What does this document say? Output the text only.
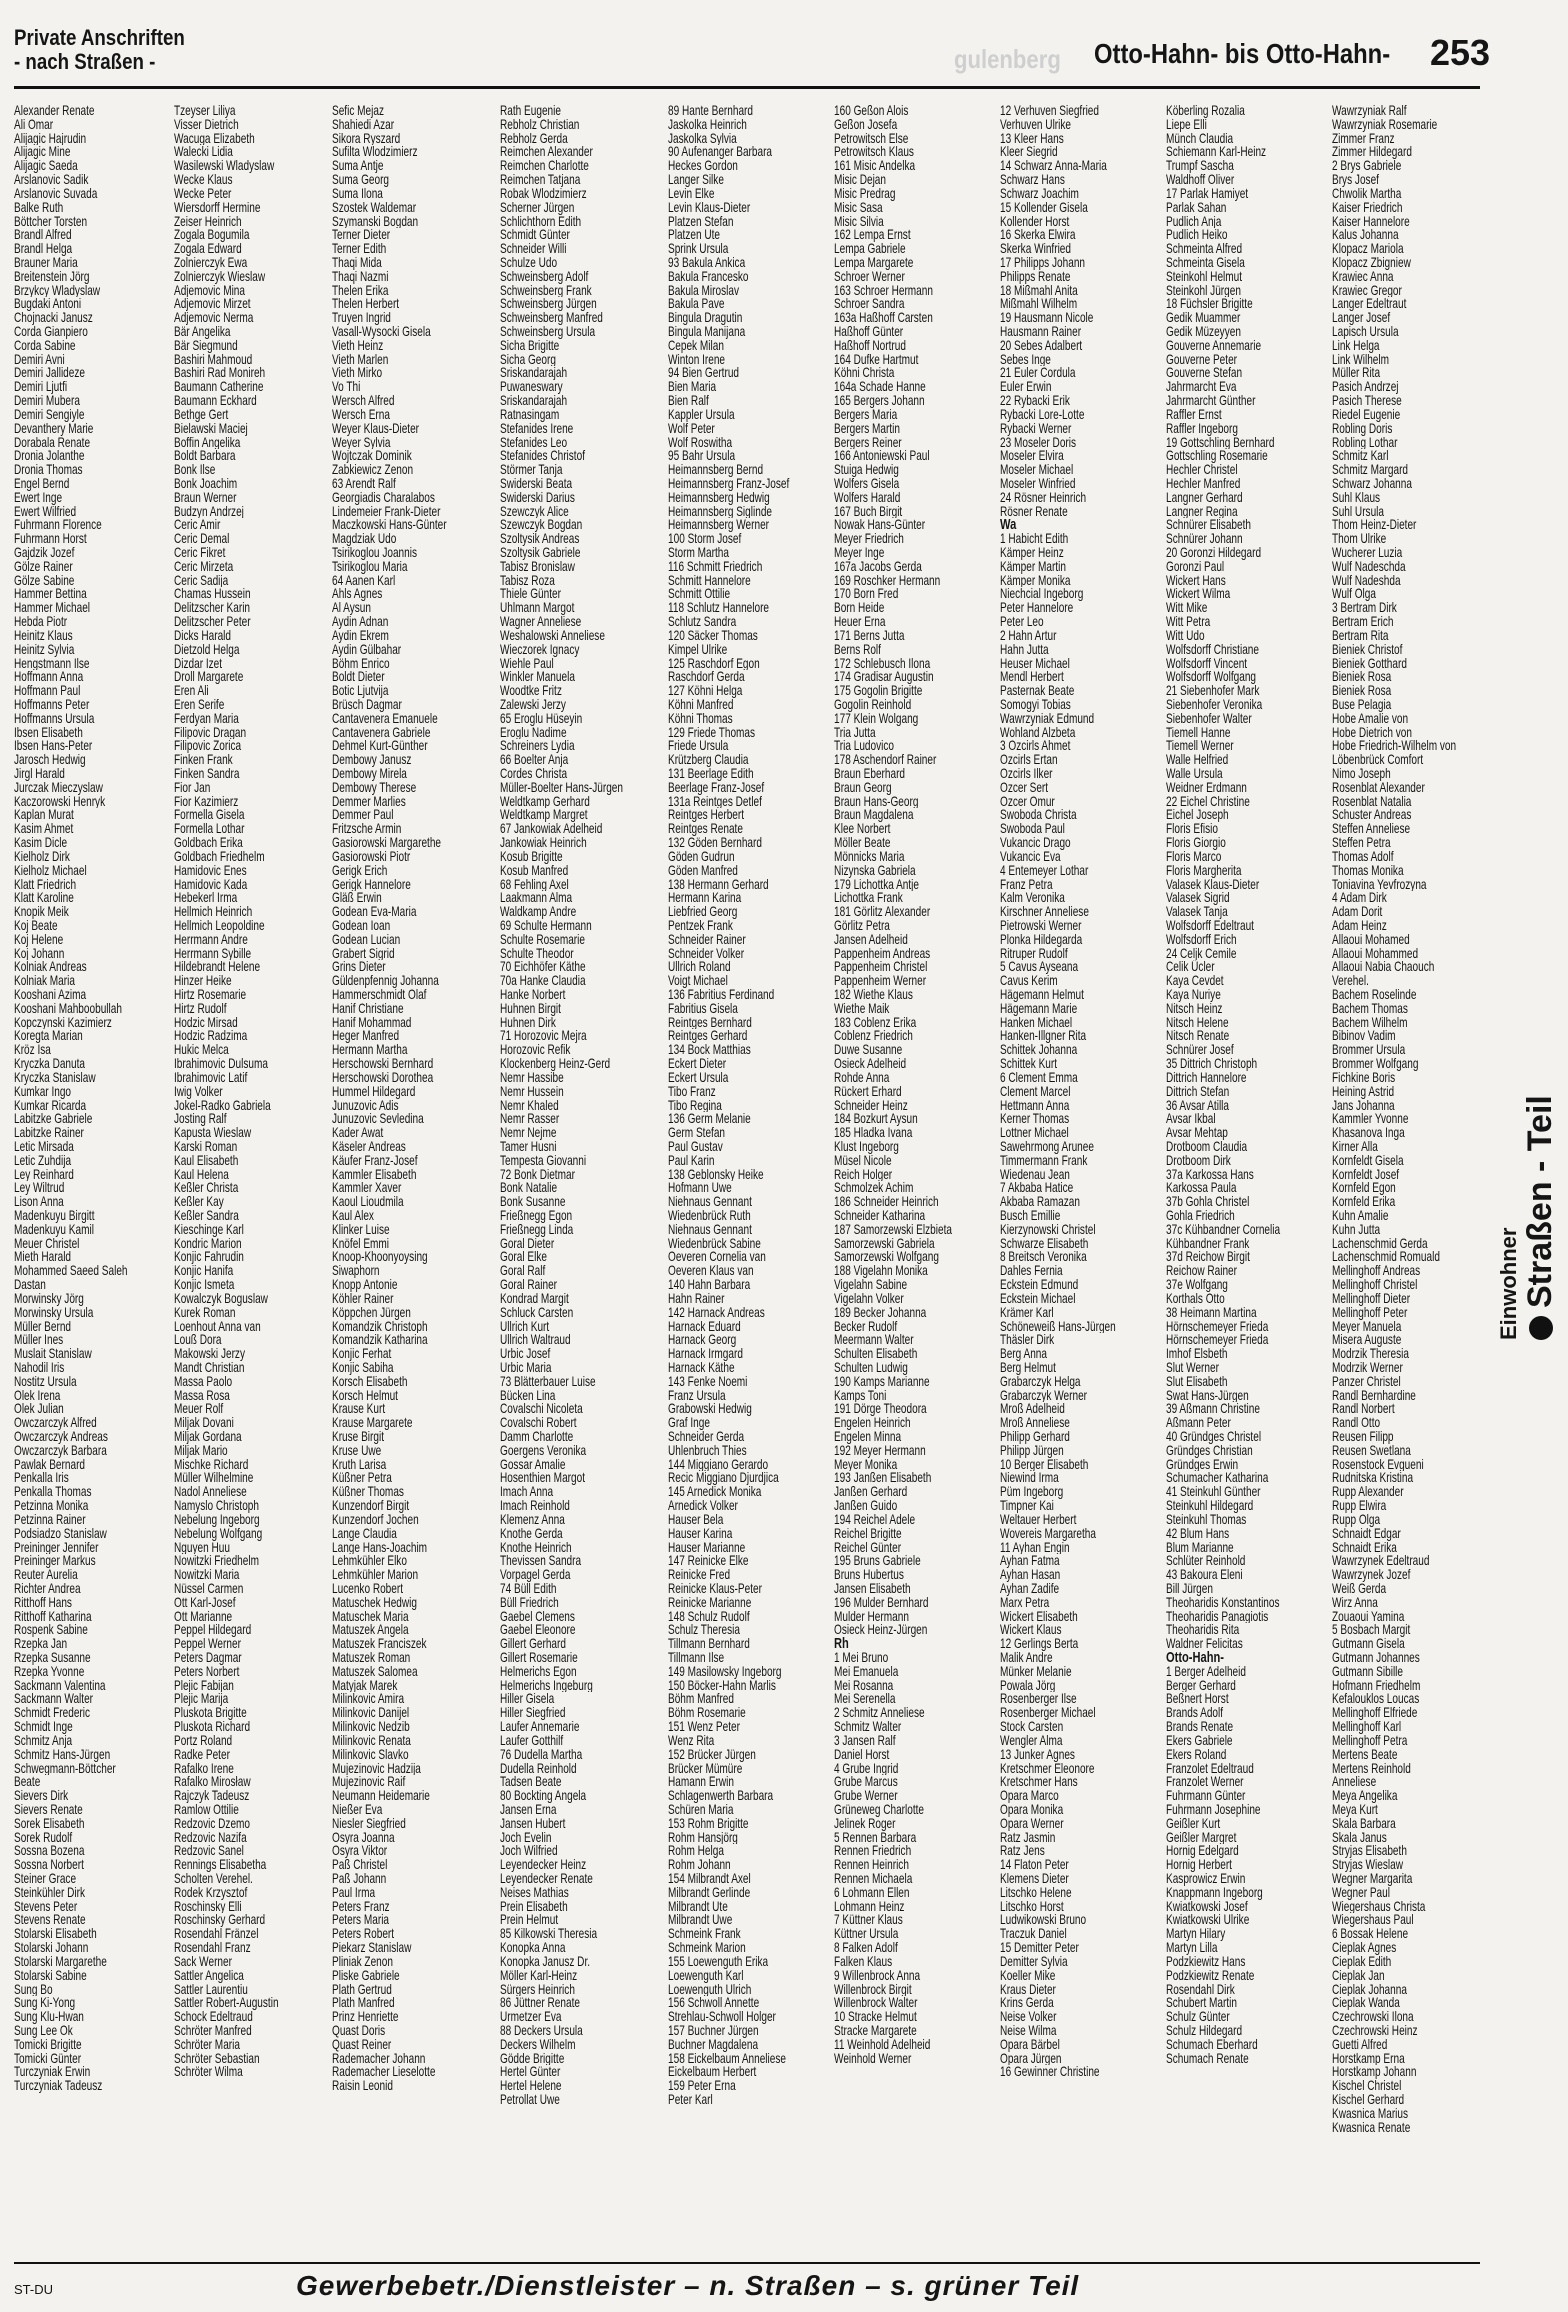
Private Anschriften
- nach Straßen -	gulenberg Otto-Hahn- bis Otto-Hahn- 253
Einwohner Straßen - Teil
Alexander Renate
Ali Omar
Alijagic Hajrudin
Alijagic Mine
Alijagic Saeda
Arslanovic Sadik
Arslanovic Suvada
Balke Ruth
Böttcher Torsten
Brandl Alfred
Brandl Helga
Brauner Maria
Breitenstein Jörg
Brzykcy Wladyslaw
Bugdaki Antoni
Chojnacki Janusz
Corda Gianpiero
Corda Sabine
Demiri Avni
Demiri Jallideze
Demiri Ljutfi
Demiri Mubera
Demiri Sengiyle
Devanthery Marie
Dorabala Renate
Dronia Jolanthe
Dronia Thomas
Engel Bernd
Ewert Inge
Ewert Wilfried
Fuhrmann Florence
Fuhrmann Horst
Gajdzik Jozef
Gölze Rainer
Gölze Sabine
Hammer Bettina
Hammer Michael
Hebda Piotr
Heinitz Klaus
Heinitz Sylvia
Hengstmann Ilse
Hoffmann Anna
Hoffmann Paul
Hoffmanns Peter
Hoffmanns Ursula
Ibsen Elisabeth
Ibsen Hans-Peter
Jarosch Hedwig
Jirgl Harald
Jurczak Mieczyslaw
Kaczorowski Henryk
Kaplan Murat
Kasim Ahmet
Kasim Dicle
Kielholz Dirk
Kielholz Michael
Klatt Friedrich
Klatt Karoline
Knopik Meik
Koj Beate
Koj Helene
Koj Johann
Kolniak Andreas
Kolniak Maria
Kooshani Azima
Kooshani Mahboobullah
Kopczynski Kazimierz
Koregta Marian
Kröz Isa
Kryczka Danuta
Kryczka Stanislaw
Kumkar Ingo
Kumkar Ricarda
Labitzke Gabriele
Labitzke Rainer
Letic Mirsada
Letic Zuhdija
Ley Reinhard
Ley Wiltrud
Lison Anna
Madenkuyu Birgitt
Madenkuyu Kamil
Meuer Christel
Mieth Harald
Mohammed Saeed Saleh
Dastan
Morwinsky Jörg
Morwinsky Ursula
Müller Bernd
Müller Ines
Muslait Stanislaw
Nahodil Iris
Nostitz Ursula
Olek Irena
Olek Julian
Owczarczyk Alfred
Owczarczyk Andreas
Owczarczyk Barbara
Pawlak Bernard
Penkalla Iris
Penkalla Thomas
Petzinna Monika
Petzinna Rainer
Podsiadzo Stanislaw
Preininger Jennifer
Preininger Markus
Reuter Aurelia
Richter Andrea
Ritthoff Hans
Ritthoff Katharina
Rospenk Sabine
Rzepka Jan
Rzepka Susanne
Rzepka Yvonne
Sackmann Valentina
Sackmann Walter
Schmidt Frederic
Schmidt Inge
Schmitz Anja
Schmitz Hans-Jürgen
Schwegmann-Böttcher
Beate
Sievers Dirk
Sievers Renate
Sorek Elisabeth
Sorek Rudolf
Sossna Bozena
Sossna Norbert
Steiner Grace
Steinkühler Dirk
Stevens Peter
Stevens Renate
Stolarski Elisabeth
Stolarski Johann
Stolarski Margarethe
Stolarski Sabine
Sung Bo
Sung Ki-Yong
Sung Klu-Hwan
Sung Lee Ok
Tomicki Brigitte
Tomicki Günter
Turczyniak Erwin
Turczyniak Tadeusz
Tzeyser Liliya
Visser Dietrich
Wacuga Elizabeth
Walecki Lidia
Wasilewski Wladyslaw
Wecke Klaus
Wecke Peter
Wiersdorff Hermine
Zeiser Heinrich
Zogala Bogumila
Zogala Edward
Zolnierczyk Ewa
Zolnierczyk Wieslaw
Adjemovic Mina
Adjemovic Mirzet
Adjemovic Nerma
Bär Angelika
Bär Siegmund
Bashiri Mahmoud
Bashiri Rad Monireh
Baumann Catherine
Baumann Eckhard
Bethge Gert
Bielawski Maciej
Boffin Angelika
Boldt Barbara
Bonk Ilse
Bonk Joachim
Braun Werner
Budzyn Andrzej
Ceric Amir
Ceric Demal
Ceric Fikret
Ceric Mirzeta
Ceric Sadija
Chamas Hussein
Delitzscher Karin
Delitzscher Peter
Dicks Harald
Dietzold Helga
Dizdar Izet
Droll Margarete
Eren Ali
Eren Serife
Ferdyan Maria
Filipovic Dragan
Filipovic Zorica
Finken Frank
Finken Sandra
Fior Jan
Fior Kazimierz
Formella Gisela
Formella Lothar
Goldbach Erika
Goldbach Friedhelm
Hamidovic Enes
Hamidovic Kada
Hebekerl Irma
Hellmich Heinrich
Hellmich Leopoldine
Herrmann Andre
Herrmann Sybille
Hildebrandt Helene
Hinzer Heike
Hirtz Rosemarie
Hirtz Rudolf
Hodzic Mirsad
Hodzic Radzima
Hukic Melca
Ibrahimovic Dulsuma
Ibrahimovic Latif
Iwig Volker
Jokel-Radko Gabriela
Josting Ralf
Kapusta Wieslaw
Karski Roman
Kaul Elisabeth
Kaul Helena
Keßler Christa
Keßler Kay
Keßler Sandra
Kieschinge Karl
Kondric Marion
Konjic Fahrudin
Konjic Hanifa
Konjic Ismeta
Kowalczyk Boguslaw
Kurek Roman
Loenhout Anna van
Louß Dora
Makowski Jerzy
Mandt Christian
Massa Paolo
Massa Rosa
Meuer Rolf
Miljak Dovani
Miljak Gordana
Miljak Mario
Mischke Richard
Müller Wilhelmine
Nadol Anneliese
Namyslo Christoph
Nebelung Ingeborg
Nebelung Wolfgang
Nguyen Huu
Nowitzki Friedhelm
Nowitzki Maria
Nüssel Carmen
Ott Karl-Josef
Ott Marianne
Peppel Hildegard
Peppel Werner
Peters Dagmar
Peters Norbert
Plejic Fabijan
Plejic Marija
Pluskota Brigitte
Pluskota Richard
Portz Roland
Radke Peter
Rafalko Irene
Rafalko Mirosław
Rajczyk Tadeusz
Ramlow Ottilie
Redzovic Dzemo
Redzovic Nazifa
Redzovic Sanel
Rennings Elisabetha
Scholten Verehel.
Rodek Krzysztof
Roschinsky Elli
Roschinsky Gerhard
Rosendahl Fränzel
Rosendahl Franz
Sack Werner
Sattler Angelica
Sattler Laurentiu
Sattler Robert-Augustin
Schock Edeltraud
Schröter Manfred
Schröter Maria
Schröter Sebastian
Schröter Wilma
Sefic Mejaz
Shahiedi Azar
Sikora Ryszard
Sufilta Wlodzimierz
Suma Antje
Suma Georg
Suma Ilona
Szostek Waldemar
Szymanski Bogdan
Terner Dieter
Terner Edith
Thaqi Mida
Thaqi Nazmi
Thelen Erika
Thelen Herbert
Truyen Ingrid
Vasall-Wysocki Gisela
Vieth Heinz
Vieth Marlen
Vieth Mirko
Vo Thi
Wersch Alfred
Wersch Erna
Weyer Klaus-Dieter
Weyer Sylvia
Wojtczak Dominik
Zabkiewicz Zenon
63 Arendt Ralf
Georgiadis Charalabos
Lindemeier Frank-Dieter
Maczkowski Hans-Günter
Magdziak Udo
Tsirikoglou Joannis
Tsirikoglou Maria
64 Aanen Karl
Ahls Agnes
Al Aysun
Aydin Adnan
Aydin Ekrem
Aydin Gülbahar
Böhm Enrico
Boldt Dieter
Botic Ljutvija
Brüsch Dagmar
Cantavenera Emanuele
Cantavenera Gabriele
Dehmel Kurt-Günther
Dembowy Janusz
Dembowy Mirela
Dembowy Therese
Demmer Marlies
Demmer Paul
Fritzsche Armin
Gasiorowski Margarethe
Gasiorowski Piotr
Gerigk Erich
Gerigk Hannelore
Gläß Erwin
Godean Eva-Maria
Godean Ioan
Godean Lucian
Grabert Sigrid
Grins Dieter
Güldenpfennig Johanna
Hammerschmidt Olaf
Hanif Christiane
Hanif Mohammad
Heger Manfred
Hermann Martha
Herschowski Bernhard
Herschowski Dorothea
Hummel Hildegard
Junuzovic Adis
Junuzovic Sevledina
Kader Awat
Käseler Andreas
Käufer Franz-Josef
Kammler Elisabeth
Kammler Xaver
Kaoul Lioudmila
Kaul Alex
Klinker Luise
Knöfel Emmi
Knoop-Khoonyoysing
Siwaphorn
Knopp Antonie
Köhler Rainer
Köppchen Jürgen
Komandzik Christoph
Komandzik Katharina
Konjic Ferhat
Konjic Sabiha
Korsch Elisabeth
Korsch Helmut
Krause Kurt
Krause Margarete
Kruse Birgit
Kruse Uwe
Kruth Larisa
Küßner Petra
Küßner Thomas
Kunzendorf Birgit
Kunzendorf Jochen
Lange Claudia
Lange Hans-Joachim
Lehmkühler Elko
Lehmkühler Marion
Lucenko Robert
Matuschek Hedwig
Matuschek Maria
Matuszek Angela
Matuszek Franciszek
Matuszek Roman
Matuszek Salomea
Matyjak Marek
Milinkovic Amira
Milinkovic Danijel
Milinkovic Nedzib
Milinkovic Renata
Milinkovic Slavko
Mujezinovic Hadzija
Mujezinovic Raif
Neumann Heidemarie
Nießer Eva
Niesler Siegfried
Osyra Joanna
Osyra Viktor
Paß Christel
Paß Johann
Paul Irma
Peters Franz
Peters Maria
Peters Robert
Piekarz Stanislaw
Pliniak Zenon
Pliske Gabriele
Plath Gertrud
Plath Manfred
Prinz Henriette
Quast Doris
Quast Reiner
Rademacher Johann
Rademacher Lieselotte
Raisin Leonid
Rath Eugenie
Rebholz Christian
Rebholz Gerda
Reimchen Alexander
Reimchen Charlotte
Reimchen Tatjana
Robak Wlodzimierz
Scherner Jürgen
Schlichthorn Edith
Schmidt Günter
Schneider Willi
Schulze Udo
Schweinsberg Adolf
Schweinsberg Frank
Schweinsberg Jürgen
Schweinsberg Manfred
Schweinsberg Ursula
Sicha Brigitte
Sicha Georg
Sriskandarajah
Puwaneswary
Sriskandarajah
Ratnasingam
Stefanides Irene
Stefanides Leo
Stefanides Christof
Störmer Tanja
Swiderski Beata
Swiderski Darius
Szewczyk Alice
Szewczyk Bogdan
Szoltysik Andreas
Szoltysik Gabriele
Tabisz Bronislaw
Tabisz Roza
Thiele Günter
Uhlmann Margot
Wagner Anneliese
Weshalowski Anneliese
Wieczorek Ignacy
Wiehle Paul
Winkler Manuela
Woodtke Fritz
Zalewski Jerzy
65 Eroglu Hüseyin
Eroglu Nadime
Schreiners Lydia
66 Boelter Anja
Cordes Christa
Müller-Boelter Hans-Jürgen
Weldtkamp Gerhard
Weldtkamp Margret
67 Jankowiak Adelheid
Jankowiak Heinrich
Kosub Brigitte
Kosub Manfred
68 Fehling Axel
Laakmann Alma
Waldkamp Andre
69 Schulte Hermann
Schulte Rosemarie
Schulte Theodor
70 Eichhöfer Käthe
70a Hanke Claudia
Hanke Norbert
Huhnen Birgit
Huhnen Dirk
71 Horozovic Mejra
Horozovic Refik
Klockenberg Heinz-Gerd
Nemr Hassibe
Nemr Hussein
Nemr Khaled
Nemr Rasser
Nemr Nejme
Tamer Husni
Tempesta Giovanni
72 Bonk Dietmar
Bonk Natalie
Bonk Susanne
Frießnegg Egon
Frießnegg Linda
Goral Dieter
Goral Elke
Goral Ralf
Goral Rainer
Kondrad Margit
Schluck Carsten
Ullrich Kurt
Ullrich Waltraud
Urbic Josef
Urbic Maria
73 Blätterbauer Luise
Bücken Lina
Covalschi Nicoleta
Covalschi Robert
Damm Charlotte
Goergens Veronika
Gossar Amalie
Hosenthien Margot
Imach Anna
Imach Reinhold
Klemenz Anna
Knothe Gerda
Knothe Heinrich
Thevissen Sandra
Vorpagel Gerda
74 Büll Edith
Büll Friedrich
Gaebel Clemens
Gaebel Eleonore
Gillert Gerhard
Gillert Rosemarie
Helmerichs Egon
Helmerichs Ingeburg
Hiller Gisela
Hiller Siegfried
Laufer Annemarie
Laufer Gotthilf
76 Dudella Martha
Dudella Reinhold
Tadsen Beate
80 Bockting Angela
Jansen Erna
Jansen Hubert
Joch Evelin
Joch Wilfried
Leyendecker Heinz
Leyendecker Renate
Neises Mathias
Prein Elisabeth
Prein Helmut
85 Kilkowski Theresia
Konopka Anna
Konopka Janusz Dr.
Möller Karl-Heinz
Sürgers Heinrich
86 Jüttner Renate
Urmetzer Eva
88 Deckers Ursula
Deckers Wilhelm
Gödde Brigitte
Hertel Günter
Hertel Helene
Petrollat Uwe
89 Hante Bernhard
Jaskolka Heinrich
Jaskolka Sylvia
90 Aufenanger Barbara
Heckes Gordon
Langer Silke
Levin Elke
Levin Klaus-Dieter
Platzen Stefan
Platzen Ute
Sprink Ursula
93 Bakula Ankica
Bakula Francesko
Bakula Miroslav
Bakula Pave
Bingula Dragutin
Bingula Manijana
Cepek Milan
Winton Irene
94 Bien Gertrud
Bien Maria
Bien Ralf
Kappler Ursula
Wolf Peter
Wolf Roswitha
95 Bahr Ursula
Heimannsberg Bernd
Heimannsberg Franz-Josef
Heimannsberg Hedwig
Heimannsberg Siglinde
Heimannsberg Werner
100 Storm Josef
Storm Martha
116 Schmitt Friedrich
Schmitt Hannelore
Schmitt Ottilie
118 Schlutz Hannelore
Schlutz Sandra
120 Säcker Thomas
Kimpel Ulrike
125 Raschdorf Egon
Raschdorf Gerda
127 Köhni Helga
Köhni Manfred
Köhni Thomas
129 Friede Thomas
Friede Ursula
Krützberg Claudia
131 Beerlage Edith
Beerlage Franz-Josef
131a Reintges Detlef
Reintges Herbert
Reintges Renate
132 Göden Bernhard
Göden Gudrun
Göden Manfred
138 Hermann Gerhard
Hermann Karina
Liebfried Georg
Pentzek Frank
Schneider Rainer
Schneider Volker
Ullrich Roland
Voigt Michael
136 Fabritius Ferdinand
Fabritius Gisela
Reintges Bernhard
Reintges Gerhard
134 Bock Matthias
Eckert Dieter
Eckert Ursula
Tibo Franz
Tibo Regina
136 Germ Melanie
Germ Stefan
Paul Gustav
Paul Karin
138 Geblonsky Heike
Hofmann Uwe
Niehnaus Gennant
Wiedenbrück Ruth
Niehnaus Gennant
Wiedenbrück Sabine
Oeveren Cornelia van
Oeveren Klaus van
140 Hahn Barbara
Hahn Rainer
142 Harnack Andreas
Harnack Eduard
Harnack Georg
Harnack Irmgard
Harnack Käthe
143 Fenke Noemi
Franz Ursula
Grabowski Hedwig
Graf Inge
Schneider Gerda
Uhlenbruch Thies
144 Miggiano Gerardo
Recic Miggiano Djurdjica
145 Arnedick Monika
Arnedick Volker
Hauser Bela
Hauser Karina
Hauser Marianne
147 Reinicke Elke
Reinicke Fred
Reinicke Klaus-Peter
Reinicke Marianne
148 Schulz Rudolf
Schulz Theresia
Tillmann Bernhard
Tillmann Ilse
149 Masilowsky Ingeborg
150 Böcker-Hahn Marlis
Böhm Manfred
Böhm Rosemarie
151 Wenz Peter
Wenz Rita
152 Brücker Jürgen
Brücker Mümüre
Hamann Erwin
Schlagenwerth Barbara
Schüren Maria
153 Rohm Brigitte
Rohm Hansjörg
Rohm Helga
Rohm Johann
154 Milbrandt Axel
Milbrandt Gerlinde
Milbrandt Ute
Milbrandt Uwe
Schmeink Frank
Schmeink Marion
155 Loewenguth Erika
Loewenguth Karl
Loewenguth Ulrich
156 Schwoll Annette
Strehlau-Schwoll Holger
157 Buchner Jürgen
Buchner Magdalena
158 Eickelbaum Anneliese
Eickelbaum Herbert
159 Peter Erna
Peter Karl
160 Geßon Alois
Geßon Josefa
Petrowitsch Else
Petrowitsch Klaus
161 Misic Andelka
Misic Dejan
Misic Predrag
Misic Sasa
Misic Silvia
162 Lempa Ernst
Lempa Gabriele
Lempa Margarete
Schroer Werner
163 Schroer Hermann
Schroer Sandra
163a Haßhoff Carsten
Haßhoff Günter
Haßhoff Nortrud
164 Dufke Hartmut
Köhni Christa
164a Schade Hanne
165 Bergers Johann
Bergers Maria
Bergers Martin
Bergers Reiner
166 Antoniewski Paul
Stuiga Hedwig
Wolfers Gisela
Wolfers Harald
167 Buch Birgit
Nowak Hans-Günter
Meyer Friedrich
Meyer Inge
167a Jacobs Gerda
169 Roschker Hermann
170 Born Fred
Born Heide
Heuer Erna
171 Berns Jutta
Berns Rolf
172 Schlebusch Ilona
174 Gradisar Augustin
175 Gogolin Brigitte
Gogolin Reinhold
177 Klein Wolgang
Tria Jutta
Tria Ludovico
178 Aschendorf Rainer
Braun Eberhard
Braun Georg
Braun Hans-Georg
Braun Magdalena
Klee Norbert
Möller Beate
Mönnicks Maria
Nizynska Gabriela
179 Lichottka Antje
Lichottka Frank
181 Görlitz Alexander
Görlitz Petra
Jansen Adelheid
Pappenheim Andreas
Pappenheim Christel
Pappenheim Werner
182 Wiethe Klaus
Wiethe Maik
183 Coblenz Erika
Coblenz Friedrich
Duwe Susanne
Osieck Adelheid
Rohde Anna
Rückert Erhard
Schneider Heinz
184 Bozkurt Aysun
185 Hladka Ivana
Klust Ingeborg
Müsel Nicole
Reich Holger
Schmolzek Achim
186 Schneider Heinrich
Schneider Katharina
187 Samorzewski Elzbieta
Samorzewski Gabriela
Samorzewski Wolfgang
188 Vigelahn Monika
Vigelahn Sabine
Vigelahn Volker
189 Becker Johanna
Becker Rudolf
Meermann Walter
Schulten Elisabeth
Schulten Ludwig
190 Kamps Marianne
Kamps Toni
191 Dörge Theodora
Engelen Heinrich
Engelen Minna
192 Meyer Hermann
Meyer Monika
193 Janßen Elisabeth
Janßen Gerhard
Janßen Guido
194 Reichel Adele
Reichel Brigitte
Reichel Günter
195 Bruns Gabriele
Bruns Hubertus
Jansen Elisabeth
196 Mulder Bernhard
Mulder Hermann
Osieck Heinz-Jürgen
Rh
1 Mei Bruno
Mei Emanuela
Mei Rosanna
Mei Serenella
2 Schmitz Anneliese
Schmitz Walter
3 Jansen Ralf
Daniel Horst
4 Grube Ingrid
Grube Marcus
Grube Werner
Grüneweg Charlotte
Jelinek Roger
5 Rennen Barbara
Rennen Friedrich
Rennen Heinrich
Rennen Michaela
6 Lohmann Ellen
Lohmann Heinz
7 Küttner Klaus
Küttner Ursula
8 Falken Adolf
Falken Klaus
9 Willenbrock Anna
Willenbrock Birgit
Willenbrock Walter
10 Stracke Helmut
Stracke Margarete
11 Weinhold Adelheid
Weinhold Werner
12 Verhuven Siegfried
Verhuven Ulrike
13 Kleer Hans
Kleer Siegrid
14 Schwarz Anna-Maria
Schwarz Hans
Schwarz Joachim
15 Kollender Gisela
Kollender Horst
16 Skerka Elwira
Skerka Winfried
17 Philipps Johann
Philipps Renate
18 Mißmahl Anita
Mißmahl Wilhelm
19 Hausmann Nicole
Hausmann Rainer
20 Sebes Adalbert
Sebes Inge
21 Euler Cordula
Euler Erwin
22 Rybacki Erik
Rybacki Lore-Lotte
Rybacki Werner
23 Moseler Doris
Moseler Elvira
Moseler Michael
Moseler Winfried
24 Rösner Heinrich
Rösner Renate
Wa
1 Habicht Edith
Kämper Heinz
Kämper Martin
Kämper Monika
Niechcial Ingeborg
Peter Hannelore
Peter Leo
2 Hahn Artur
Hahn Jutta
Heuser Michael
Mendl Herbert
Pasternak Beate
Somogyi Tobias
Wawrzyniak Edmund
Wohland Alzbeta
3 Ozcirls Ahmet
Ozcirls Ertan
Ozcirls Ilker
Ozcer Sert
Ozcer Omur
Swoboda Christa
Swoboda Paul
Vukancic Drago
Vukancic Eva
4 Entemeyer Lothar
Franz Petra
Kalm Veronika
Kirschner Anneliese
Pietrowski Werner
Plonka Hildegarda
Ritruper Rudolf
5 Cavus Ayseana
Cavus Kerim
Hägemann Helmut
Hägemann Marie
Hanken Michael
Hanken-Illgner Rita
Schittek Johanna
Schittek Kurt
6 Clement Emma
Clement Marcel
Hettmann Anna
Kerner Thomas
Lottner Michael
Sawehrmong Arunee
Timmermann Frank
Wiedenau Jean
7 Akbaba Hatice
Akbaba Ramazan
Busch Emillie
Kierzynowski Christel
Schwarze Elisabeth
8 Breitsch Veronika
Dahles Fernia
Eckstein Edmund
Eckstein Michael
Krämer Karl
Schöneweiß Hans-Jürgen
Thäsler Dirk
Berg Anna
Berg Helmut
Grabarczyk Helga
Grabarczyk Werner
Mroß Adelheid
Mroß Anneliese
Philipp Gerhard
Philipp Jürgen
10 Berger Elisabeth
Niewind Irma
Püm Ingeborg
Timpner Kai
Weltauer Herbert
Wovereis Margaretha
11 Ayhan Engin
Ayhan Fatma
Ayhan Hasan
Ayhan Zadife
Marx Petra
Wickert Elisabeth
Wickert Klaus
12 Gerlings Berta
Malik Andre
Münker Melanie
Powala Jörg
Rosenberger Ilse
Rosenberger Michael
Stock Carsten
Wengler Alma
13 Junker Agnes
Kretschmer Eleonore
Kretschmer Hans
Opara Marco
Opara Monika
Opara Werner
Ratz Jasmin
Ratz Jens
14 Flaton Peter
Klemens Dieter
Litschko Helene
Litschko Horst
Ludwikowski Bruno
Traczuk Daniel
15 Demitter Peter
Demitter Sylvia
Koeller Mike
Kraus Dieter
Krins Gerda
Neise Volker
Neise Wilma
Opara Bärbel
Opara Jürgen
16 Gewinner Christine
Köberling Rozalia
Liepe Elli
Münch Claudia
Schiemann Karl-Heinz
Trumpf Sascha
Waldhoff Oliver
17 Parlak Hamiyet
Parlak Sahan
Pudlich Anja
Pudlich Heiko
Schmeinta Alfred
Schmeinta Gisela
Steinkohl Helmut
Steinkohl Jürgen
18 Füchsler Brigitte
Gedik Muammer
Gedik Müzeyyen
Gouverne Annemarie
Gouverne Peter
Gouverne Stefan
Jahrmarcht Eva
Jahrmarcht Günther
Raffler Ernst
Raffler Ingeborg
19 Gottschling Bernhard
Gottschling Rosemarie
Hechler Christel
Hechler Manfred
Langner Gerhard
Langner Regina
Schnürer Elisabeth
Schnürer Johann
20 Goronzi Hildegard
Goronzi Paul
Wickert Hans
Wickert Wilma
Witt Mike
Witt Petra
Witt Udo
Wolfsdorff Christiane
Wolfsdorff Vincent
Wolfsdorff Wolfgang
21 Siebenhofer Mark
Siebenhofer Veronika
Siebenhofer Walter
Tiemell Hanne
Tiemell Werner
Walle Helfried
Walle Ursula
Weidner Erdmann
22 Eichel Christine
Eichel Joseph
Floris Efisio
Floris Giorgio
Floris Marco
Floris Margherita
Valasek Klaus-Dieter
Valasek Sigrid
Valasek Tanja
Wolfsdorff Edeltraut
Wolfsdorff Erich
24 Celjk Cemile
Celik Ücler
Kaya Cevdet
Kaya Nuriye
Nitsch Heinz
Nitsch Helene
Nitsch Renate
Schnürer Josef
35 Dittrich Christoph
Dittrich Hannelore
Dittrich Stefan
36 Avsar Atilla
Avsar Ikbal
Avsar Mehtap
Drotboom Claudia
Drotboom Dirk
37a Karkossa Hans
Karkossa Paula
37b Gohla Christel
Gohla Friedrich
37c Kühbandner Cornelia
Kühbandner Frank
37d Reichow Birgit
Reichow Rainer
37e Wolfgang
Korthals Otto
38 Heimann Martina
Hörnschemeyer Frieda
Hörnschemeyer Frieda
Imhof Elsbeth
Slut Werner
Slut Elisabeth
Swat Hans-Jürgen
39 Aßmann Christine
Aßmann Peter
40 Gründges Christel
Gründges Christian
Gründges Erwin
Schumacher Katharina
41 Steinkuhl Günther
Steinkuhl Hildegard
Steinkuhl Thomas
42 Blum Hans
Blum Marianne
Schlüter Reinhold
43 Bakoura Eleni
Bill Jürgen
Theoharidis Konstantinos
Theoharidis Panagiotis
Theoharidis Rita
Waldner Felicitas
Otto-Hahn-
1 Berger Adelheid
Berger Gerhard
Beßnert Horst
Brands Adolf
Brands Renate
Ekers Gabriele
Ekers Roland
Franzolet Edeltraud
Franzolet Werner
Fuhrmann Günter
Fuhrmann Josephine
Geißler Kurt
Geißler Margret
Hornig Edelgard
Hornig Herbert
Kasprowicz Erwin
Knappmann Ingeborg
Kwiatkowski Josef
Kwiatkowski Ulrike
Martyn Hilary
Martyn Lilla
Podzkiewitz Hans
Podzkiewitz Renate
Rosendahl Dirk
Schubert Martin
Schulz Günter
Schulz Hildegard
Schumach Eberhard
Schumach Renate
Wawrzyniak Ralf
Wawrzyniak Rosemarie
Zimmer Franz
Zimmer Hildegard
2 Brys Gabriele
Brys Josef
Chwolik Martha
Kaiser Friedrich
Kaiser Hannelore
Kalus Johanna
Klopacz Mariola
Klopacz Zbigniew
Krawiec Anna
Krawiec Gregor
Langer Edeltraut
Langer Josef
Lapisch Ursula
Link Helga
Link Wilhelm
Müller Rita
Pasich Andrzej
Pasich Therese
Riedel Eugenie
Robling Doris
Robling Lothar
Schmitz Karl
Schmitz Margard
Schwarz Johanna
Suhl Klaus
Suhl Ursula
Thom Heinz-Dieter
Thom Ulrike
Wucherer Luzia
Wulf Nadeschda
Wulf Nadeshda
Wulf Olga
3 Bertram Dirk
Bertram Erich
Bertram Rita
Bieniek Christof
Bieniek Gotthard
Bieniek Rosa
Bieniek Rosa
Buse Pelagia
Hobe Amalie von
Hobe Dietrich von
Hobe Friedrich-Wilhelm von
Löbenbrück Comfort
Nimo Joseph
Rosenblat Alexander
Rosenblat Natalia
Schuster Andreas
Steffen Anneliese
Steffen Petra
Thomas Adolf
Thomas Monika
Toniavina Yevfrozyna
4 Adam Dirk
Adam Dorit
Adam Heinz
Allaoui Mohamed
Allaoui Mohammed
Allaoui Nabia Chaouch
Verehel.
Bachem Roselinde
Bachem Thomas
Bachem Wilhelm
Bibinov Vadim
Brommer Ursula
Brommer Wolfgang
Fichkine Boris
Heining Astrid
Jans Johanna
Kammler Yvonne
Khasanova Inga
Kirner Alla
Kornfeldt Gisela
Kornfeldt Josef
Kornfeld Egon
Kornfeld Erika
Kuhn Amalie
Kuhn Jutta
Lachenschmid Gerda
Lachenschmid Romuald
Mellinghoff Andreas
Mellinghoff Christel
Mellinghoff Dieter
Mellinghoff Peter
Meyer Manuela
Misera Auguste
Modrzik Theresia
Modrzik Werner
Panzer Christel
Randl Bernhardine
Randl Norbert
Randl Otto
Reusen Filipp
Reusen Swetlana
Rosenstock Evgueni
Rudnitska Kristina
Rupp Alexander
Rupp Elwira
Rupp Olga
Schnaidt Edgar
Schnaidt Erika
Wawrzynek Edeltraud
Wawrzynek Jozef
Weiß Gerda
Wirz Anna
Zouaoui Yamina
5 Bosbach Margit
Gutmann Gisela
Gutmann Johannes
Gutmann Sibille
Hofmann Friedhelm
Kefalouklos Loucas
Mellinghoff Elfriede
Mellinghoff Karl
Mellinghoff Petra
Mertens Beate
Mertens Reinhold
Anneliese
Meya Angelika
Meya Kurt
Skala Barbara
Skala Janus
Stryjas Elisabeth
Stryjas Wieslaw
Wegner Margarita
Wegner Paul
Wiegershaus Christa
Wiegershaus Paul
6 Bossak Helene
Cieplak Agnes
Cieplak Edith
Cieplak Jan
Cieplak Johanna
Cieplak Wanda
Czechrowski Ilona
Czechrowski Heinz
Guetti Alfred
Horstkamp Erna
Horstkamp Johann
Kischel Christel
Kischel Gerhard
Kwasnica Marius
Kwasnica Renate
Gewerbebetr./Dienstleister – n. Straßen – s. grüner Teil
ST-DU
